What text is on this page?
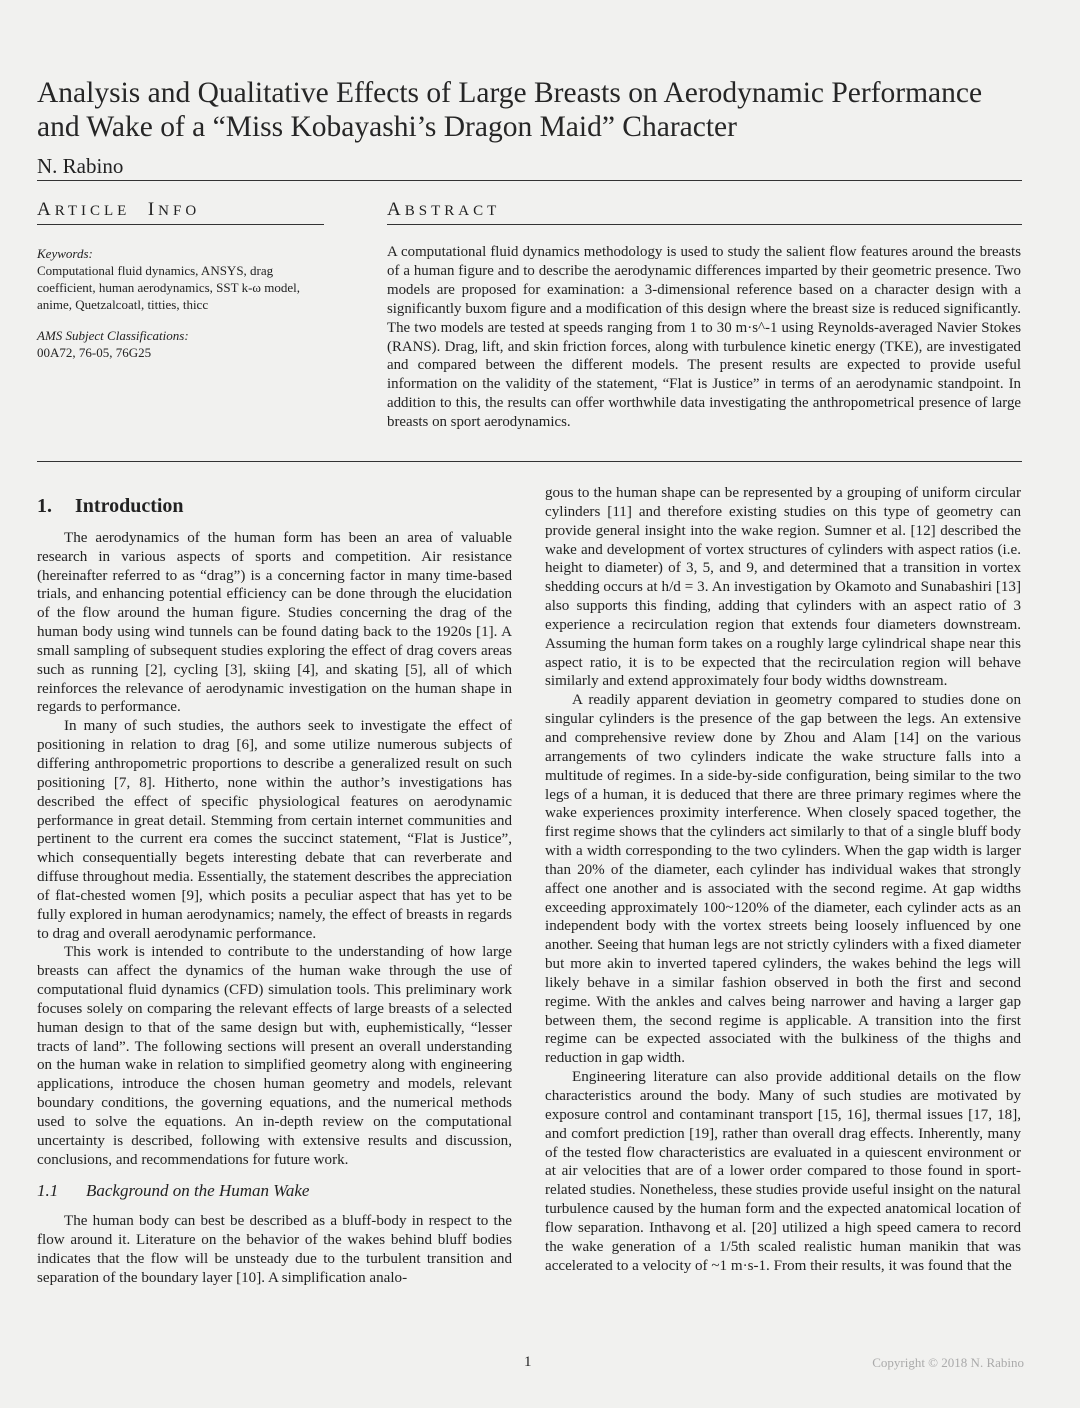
Analysis and Qualitative Effects of Large Breasts on Aerodynamic Performance and Wake of a “Miss Kobayashi’s Dragon Maid” Character
N. Rabino
ARTICLE INFO	ABSTRACT
Keywords:
Computational fluid dynamics, ANSYS, drag coefficient, human aerodynamics, SST k-ω model, anime, Quetzalcoatl, titties, thicc
AMS Subject Classifications:
00A72, 76-05, 76G25
A computational fluid dynamics methodology is used to study the salient flow features around the breasts of a human figure and to describe the aerodynamic differences imparted by their geometric presence. Two models are proposed for examination: a 3-dimensional reference based on a character design with a significantly buxom figure and a modification of this design where the breast size is reduced significantly. The two models are tested at speeds ranging from 1 to 30 m·s^-1 using Reynolds-averaged Navier Stokes (RANS). Drag, lift, and skin friction forces, along with turbulence kinetic energy (TKE), are investigated and compared between the different models. The present results are expected to provide useful information on the validity of the statement, “Flat is Justice” in terms of an aerodynamic standpoint. In addition to this, the results can offer worthwhile data investigating the anthropometrical presence of large breasts on sport aerodynamics.
1. Introduction

The aerodynamics of the human form has been an area of valuable research in various aspects of sports and competition. Air resistance (hereinafter referred to as “drag”) is a concerning factor in many time-based trials, and enhancing potential efficiency can be done through the elucidation of the flow around the human figure. Studies concerning the drag of the human body using wind tunnels can be found dating back to the 1920s [1]. A small sampling of subsequent studies exploring the effect of drag covers areas such as running [2], cycling [3], skiing [4], and skating [5], all of which reinforces the relevance of aerodynamic investigation on the human shape in regards to performance.

In many of such studies, the authors seek to investigate the effect of positioning in relation to drag [6], and some utilize numerous subjects of differing anthropometric proportions to describe a generalized result on such positioning [7, 8]. Hitherto, none within the author’s investigations has described the effect of specific physiological features on aerodynamic performance in great detail. Stemming from certain internet communities and pertinent to the current era comes the succinct statement, “Flat is Justice”, which consequentially begets interesting debate that can reverberate and diffuse throughout media. Essentially, the statement describes the appreciation of flat-chested women [9], which posits a peculiar aspect that has yet to be fully explored in human aerodynamics; namely, the effect of breasts in regards to drag and overall aerodynamic performance.

This work is intended to contribute to the understanding of how large breasts can affect the dynamics of the human wake through the use of computational fluid dynamics (CFD) simulation tools. This preliminary work focuses solely on comparing the relevant effects of large breasts of a selected human design to that of the same design but with, euphemistically, “lesser tracts of land”. The following sections will present an overall understanding on the human wake in relation to simplified geometry along with engineering applications, introduce the chosen human geometry and models, relevant boundary conditions, the governing equations, and the numerical methods used to solve the equations. An in-depth review on the computational uncertainty is described, following with extensive results and discussion, conclusions, and recommendations for future work.

1.1 Background on the Human Wake

The human body can best be described as a bluff-body in respect to the flow around it. Literature on the behavior of the wakes behind bluff bodies indicates that the flow will be unsteady due to the turbulent transition and separation of the boundary layer [10]. A simplification analo-

gous to the human shape can be represented by a grouping of uniform circular cylinders [11] and therefore existing studies on this type of geometry can provide general insight into the wake region. Sumner et al. [12] described the wake and development of vortex structures of cylinders with aspect ratios (i.e. height to diameter) of 3, 5, and 9, and determined that a transition in vortex shedding occurs at h/d = 3. An investigation by Okamoto and Sunabashiri [13] also supports this finding, adding that cylinders with an aspect ratio of 3 experience a recirculation region that extends four diameters downstream. Assuming the human form takes on a roughly large cylindrical shape near this aspect ratio, it is to be expected that the recirculation region will behave similarly and extend approximately four body widths downstream.

A readily apparent deviation in geometry compared to studies done on singular cylinders is the presence of the gap between the legs. An extensive and comprehensive review done by Zhou and Alam [14] on the various arrangements of two cylinders indicate the wake structure falls into a multitude of regimes. In a side-by-side configuration, being similar to the two legs of a human, it is deduced that there are three primary regimes where the wake experiences proximity interference. When closely spaced together, the first regime shows that the cylinders act similarly to that of a single bluff body with a width corresponding to the two cylinders. When the gap width is larger than 20% of the diameter, each cylinder has individual wakes that strongly affect one another and is associated with the second regime. At gap widths exceeding approximately 100~120% of the diameter, each cylinder acts as an independent body with the vortex streets being loosely influenced by one another. Seeing that human legs are not strictly cylinders with a fixed diameter but more akin to inverted tapered cylinders, the wakes behind the legs will likely behave in a similar fashion observed in both the first and second regime. With the ankles and calves being narrower and having a larger gap between them, the second regime is applicable. A transition into the first regime can be expected associated with the bulkiness of the thighs and reduction in gap width.

Engineering literature can also provide additional details on the flow characteristics around the body. Many of such studies are motivated by exposure control and contaminant transport [15, 16], thermal issues [17, 18], and comfort prediction [19], rather than overall drag effects. Inherently, many of the tested flow characteristics are evaluated in a quiescent environment or at air velocities that are of a lower order compared to those found in sport-related studies. Nonetheless, these studies provide useful insight on the natural turbulence caused by the human form and the expected anatomical location of flow separation. Inthavong et al. [20] utilized a high speed camera to record the wake generation of a 1/5th scaled realistic human manikin that was accelerated to a velocity of ~1 m·s-1. From their results, it was found that the

1	Copyright © 2018 N. Rabino
